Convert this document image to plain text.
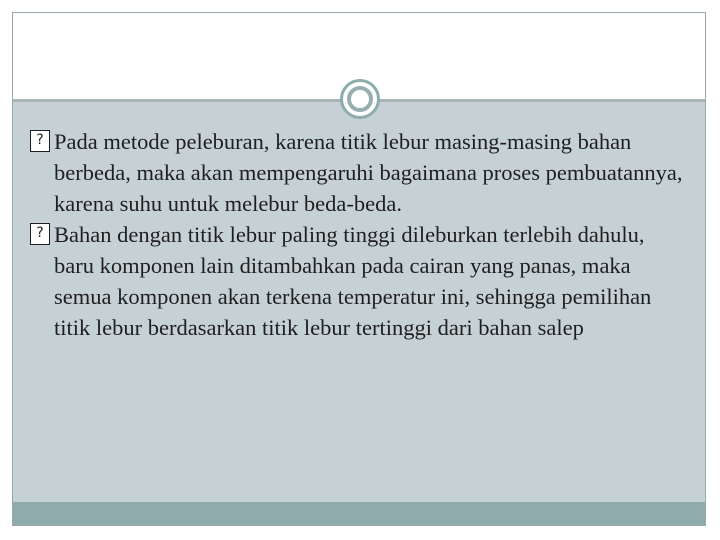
? Pada metode peleburan, karena titik lebur masing-masing bahan berbeda, maka akan mempengaruhi bagaimana proses pembuatannya, karena suhu untuk melebur beda-beda.
? Bahan dengan titik lebur paling tinggi dileburkan terlebih dahulu, baru komponen lain ditambahkan pada cairan yang panas, maka semua komponen akan terkena temperatur ini, sehingga pemilihan titik lebur berdasarkan titik lebur tertinggi dari bahan salep
